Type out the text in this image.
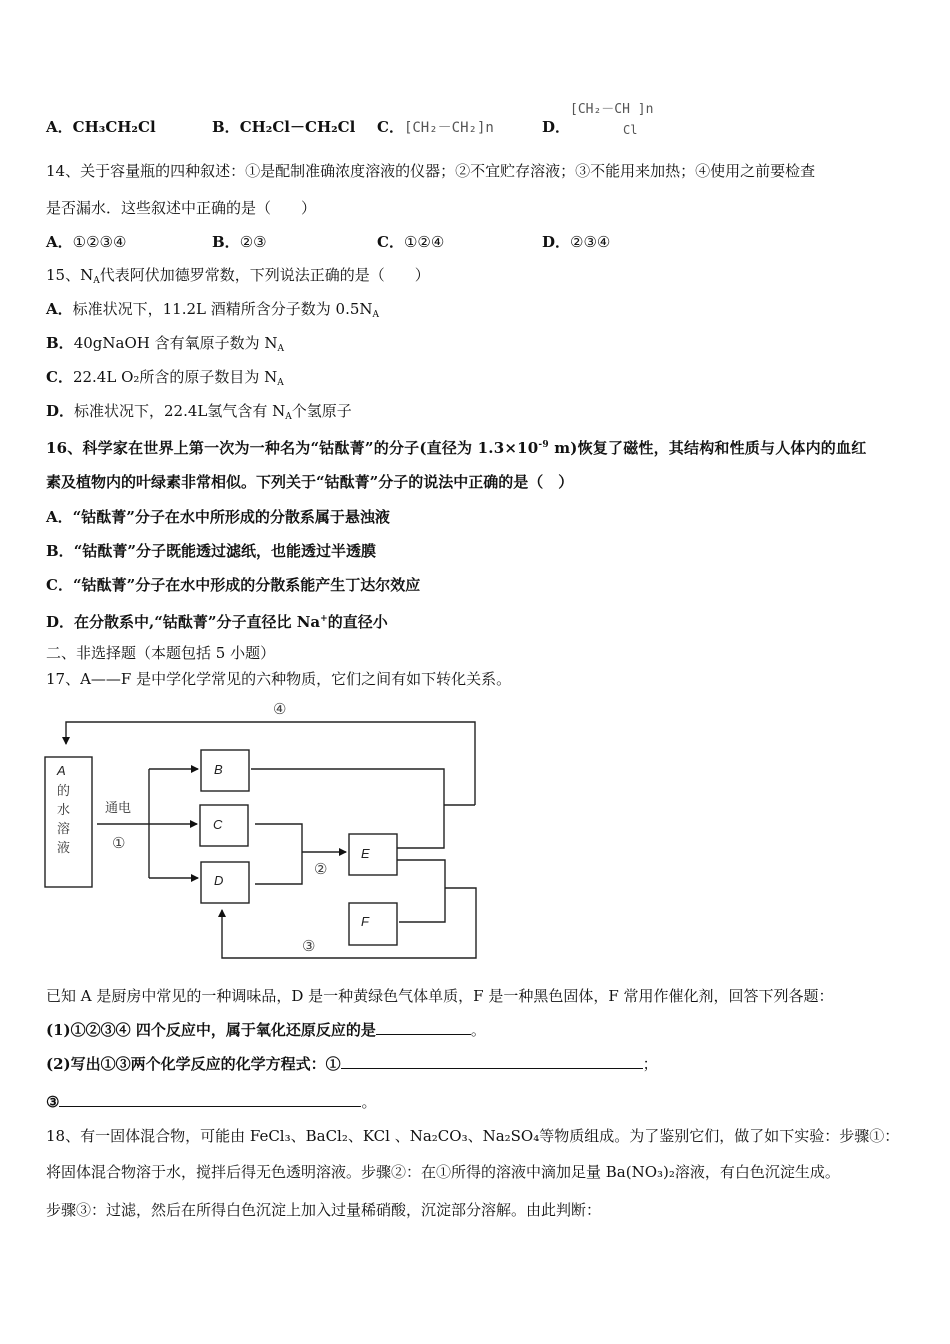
A．CH₃CH₂Cl	B．CH₂Cl－CH₂Cl C．[CH₂－CH₂]n	D．
[CH₂－CH ]n
Cl
14、关于容量瓶的四种叙述：①是配制准确浓度溶液的仪器；②不宜贮存溶液；③不能用来加热；④使用之前要检查
是否漏水．这些叙述中正确的是（　　）
A．①②③④	B．②③	C．①②④	D．②③④
15、$N_A$代表阿伏加德罗常数，下列说法正确的是（　　）
A．标准状况下，11.2L 酒精所含分子数为 $0.5N_A$
B．40gNaOH 含有氧原子数为 $N_A$
C．22.4L O₂所含的原子数目为 $N_A$
D．标准状况下，22.4L氢气含有 $N_A$个氢原子
16、科学家在世界上第一次为一种名为“钴酞菁”的分子(直径为 $1.3\times 10^{-9}$ m)恢复了磁性，其结构和性质与人体内的血红
素及植物内的叶绿素非常相似。下列关于“钴酞菁”分子的说法中正确的是（　）
A．“钴酞菁”分子在水中所形成的分散系属于悬浊液
B．“钴酞菁”分子既能透过滤纸，也能透过半透膜
C．“钴酞菁”分子在水中形成的分散系能产生丁达尔效应
D．在分散系中,“钴酞菁”分子直径比 Na+的直径小
二、非选择题（本题包括 5 小题）
17、A——F 是中学化学常见的六种物质，它们之间有如下转化关系。
A	B
C
D
E
F
的
水
溶
液
通电
①
②
③
④
已知 A 是厨房中常见的一种调味品，D 是一种黄绿色气体单质，F 是一种黑色固体，F 常用作催化剂，回答下列各题：
(1)①②③④ 四个反应中，属于氧化还原反应的是	。
(2)写出①③两个化学反应的化学方程式：①	；
③	。
18、有一固体混合物，可能由 FeCl₃、BaCl₂、KCl 、Na₂CO₃、Na₂SO₄等物质组成。为了鉴别它们，做了如下实验：步骤①：
将固体混合物溶于水，搅拌后得无色透明溶液。步骤②：在①所得的溶液中滴加足量 Ba(NO₃)₂溶液，有白色沉淀生成。
步骤③：过滤，然后在所得白色沉淀上加入过量稀硝酸，沉淀部分溶解。由此判断：
